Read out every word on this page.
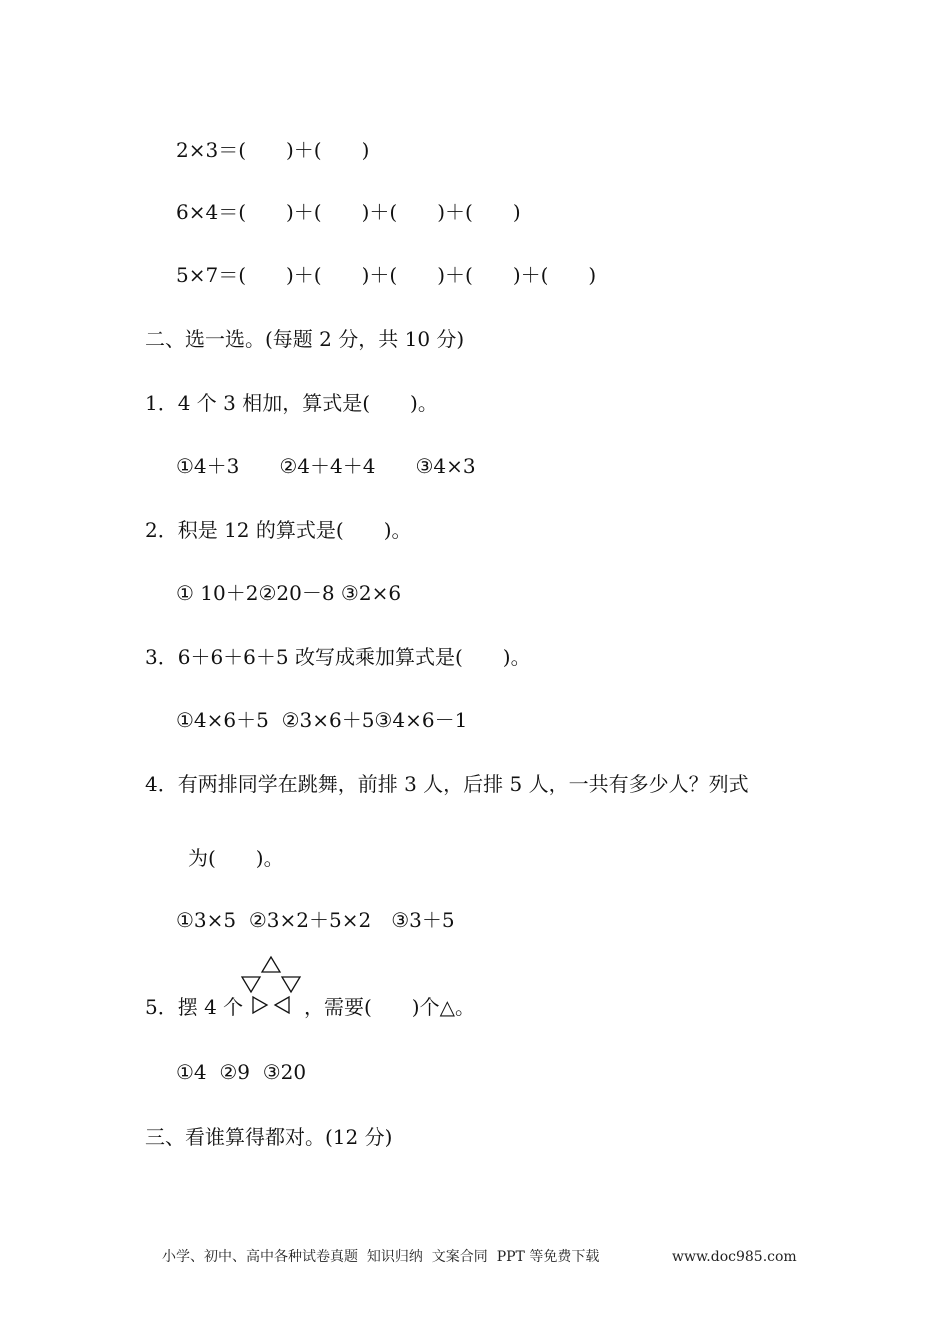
2×3＝(　　)＋(　　)
6×4＝(　　)＋(　　)＋(　　)＋(　　)
5×7＝(　　)＋(　　)＋(　　)＋(　　)＋(　　)
二、选一选。(每题 2 分，共 10 分)
1．4 个 3 相加，算式是(　　)。
①4＋3　　②4＋4＋4　　③4×3
2．积是 12 的算式是(　　)。
① 10＋2②20－8 ③2×6
3．6＋6＋6＋5 改写成乘加算式是(　　)。
①4×6＋5  ②3×6＋5③4×6－1
4．有两排同学在跳舞，前排 3 人，后排 5 人，一共有多少人？列式
为(　　)。
①3×5  ②3×2＋5×2　③3＋5
5．摆 4 个	，需要(　　)个△。
①4  ②9  ③20
三、看谁算得都对。(12 分)
小学、初中、高中各种试卷真题  知识归纳  文案合同  PPT 等免费下载	www.doc985.com
